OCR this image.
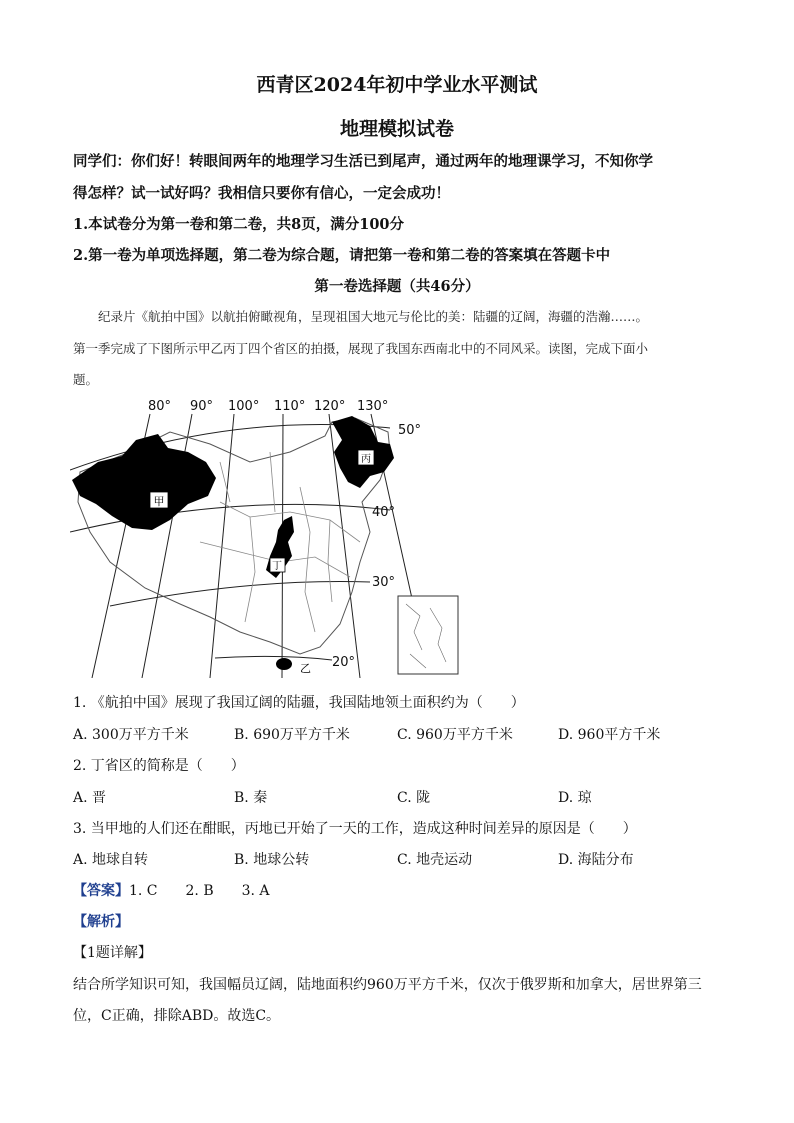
西青区2024年初中学业水平测试
地理模拟试卷
同学们：你们好！转眼间两年的地理学习生活已到尾声，通过两年的地理课学习，不知你学
得怎样？试一试好吗？我相信只要你有信心，一定会成功！
1.本试卷分为第一卷和第二卷，共8页，满分100分
2.第一卷为单项选择题，第二卷为综合题，请把第一卷和第二卷的答案填在答题卡中
第一卷选择题（共46分）
纪录片《航拍中国》以航拍俯瞰视角，呈现祖国大地元与伦比的美：陆疆的辽阔，海疆的浩瀚……。
第一季完成了下图所示甲乙丙丁四个省区的拍摄，展现了我国东西南北中的不同风采。读图，完成下面小
题。
甲
丙
丁
乙
80° 90° 100° 110° 120° 130°
50°
40°
30°
20°
1. 《航拍中国》展现了我国辽阔的陆疆，我国陆地领土面积约为（　　）
A. 300万平方千米	B. 690万平方千米	C. 960万平方千米	D. 960平方千米
2. 丁省区的简称是（　　）
A. 晋	B. 秦	C. 陇	D. 琼
3. 当甲地的人们还在酣眠，丙地已开始了一天的工作，造成这种时间差异的原因是（　　）
A. 地球自转	B. 地球公转	C. 地壳运动	D. 海陆分布
【答案】1. C　　2. B　　3. A
【解析】
【1题详解】
结合所学知识可知，我国幅员辽阔，陆地面积约960万平方千米，仅次于俄罗斯和加拿大，居世界第三
位，C正确，排除ABD。故选C。
